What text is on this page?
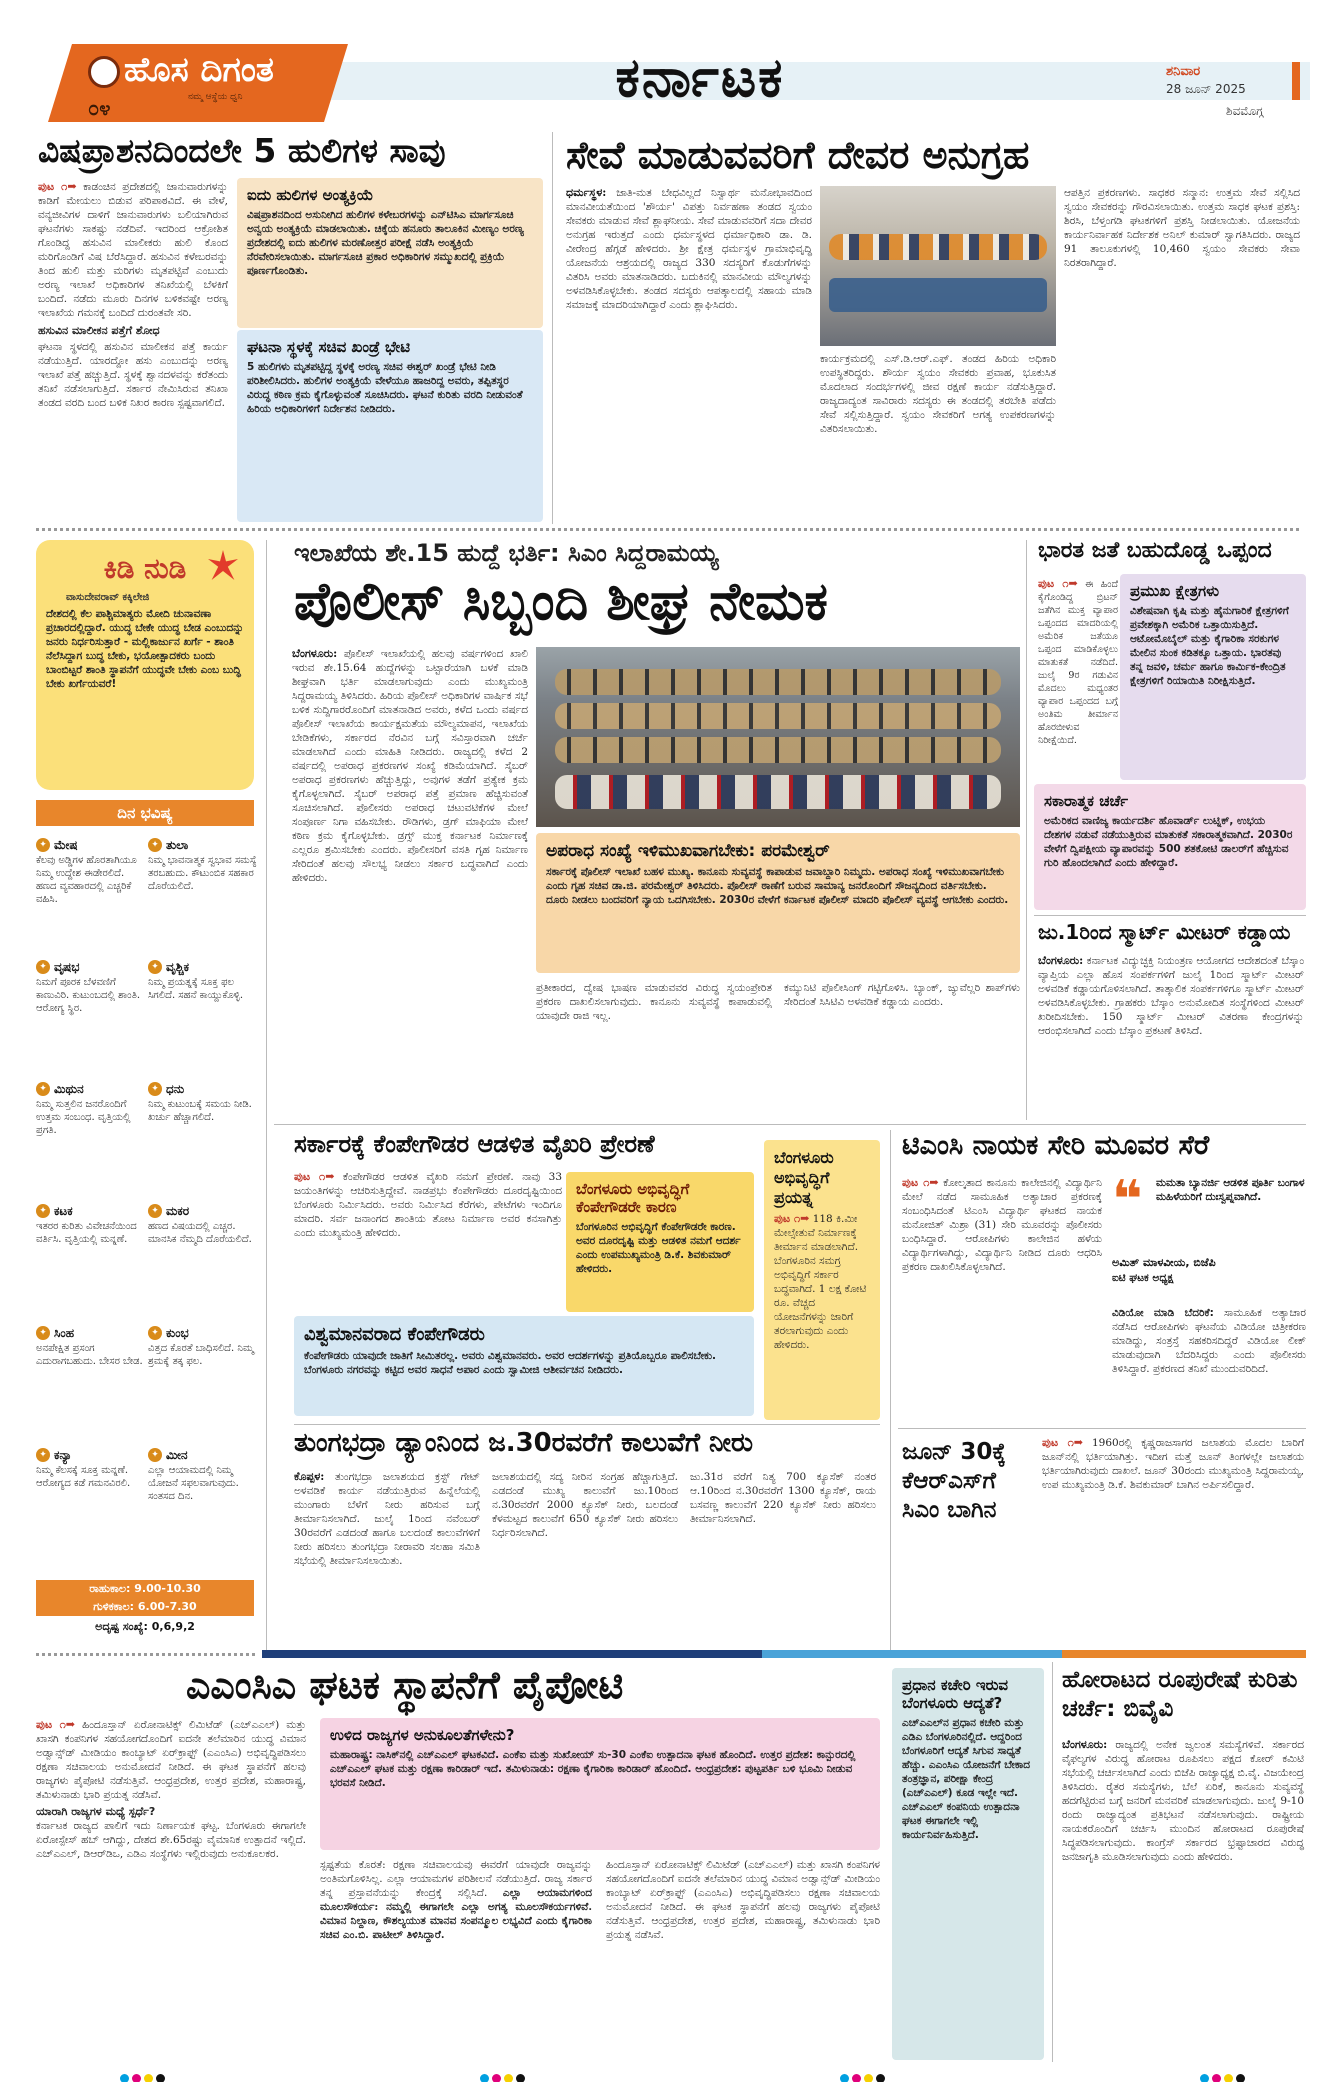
ಹೊಸ ದಿಗಂತ
ನಮ್ಮ ಆಸ್ಥೆಯ ಧ್ವನಿ
೦೪	ಕರ್ನಾಟಕ	ಶನಿವಾರ
28 ಜೂನ್ 2025
ಶಿವಮೊಗ್ಗ
ವಿಷಪ್ರಾಶನದಿಂದಲೇ 5 ಹುಲಿಗಳ ಸಾವು
ಪುಟ ೧➡ ಕಾಡಂಚಿನ ಪ್ರದೇಶದಲ್ಲಿ ಜಾನುವಾರುಗಳನ್ನು ಕಾಡಿಗೆ ಮೇಯಲು ಬಿಡುವ ಪರಿಪಾಠವಿದೆ. ಈ ವೇಳೆ, ವನ್ಯಜೀವಿಗಳ ದಾಳಿಗೆ ಜಾನುವಾರುಗಳು ಬಲಿಯಾಗಿರುವ ಘಟನೆಗಳು ಸಾಕಷ್ಟು ನಡೆದಿವೆ. ಇದರಿಂದ ಆಕ್ರೋಶಿತ ಗೊಂಡಿದ್ದ ಹಸುವಿನ ಮಾಲೀಕರು ಹುಲಿ ಕೊಂದ ಮರಿಗೊಂಡಿಗೆ ವಿಷ ಬೆರೆಸಿದ್ದಾರೆ. ಹಸುವಿನ ಕಳೇಬರವನ್ನು ತಿಂದ ಹುಲಿ ಮತ್ತು ಮರಿಗಳು ಮೃತಪಟ್ಟಿವೆ ಎಂಬುದು ಅರಣ್ಯ ಇಲಾಖೆ ಅಧಿಕಾರಿಗಳ ತನಿಖೆಯಲ್ಲಿ ಬೆಳಕಿಗೆ ಬಂದಿದೆ. ನಡೆದು ಮೂರು ದಿನಗಳ ಬಳಿಕವಷ್ಟೇ ಅರಣ್ಯ ಇಲಾಖೆಯ ಗಮನಕ್ಕೆ ಬಂದಿದೆ ದುರಂತವೇ ಸರಿ.
ಹಸುವಿನ ಮಾಲೀಕನ ಪತ್ತೆಗೆ ಶೋಧ
ಘಟನಾ ಸ್ಥಳದಲ್ಲಿ ಹಸುವಿನ ಮಾಲೀಕನ ಪತ್ತೆ ಕಾರ್ಯ ನಡೆಯುತ್ತಿದೆ. ಯಾರದ್ದೋ ಹಸು ಎಂಬುದನ್ನು ಅರಣ್ಯ ಇಲಾಖೆ ಪತ್ತೆ ಹಚ್ಚುತ್ತಿದೆ. ಸ್ಥಳಕ್ಕೆ ಶ್ವಾನದಳವನ್ನು ಕರೆತಂದು ತನಿಖೆ ನಡೆಸಲಾಗುತ್ತಿದೆ. ಸರ್ಕಾರ ನೇಮಿಸಿರುವ ತನಿಖಾ ತಂಡದ ವರದಿ ಬಂದ ಬಳಿಕ ನಿಖರ ಕಾರಣ ಸ್ಪಷ್ಟವಾಗಲಿದೆ.
ಐದು ಹುಲಿಗಳ ಅಂತ್ಯಕ್ರಿಯೆ

ವಿಷಪ್ರಾಶನದಿಂದ ಅಸುನೀಗಿದ ಹುಲಿಗಳ ಕಳೇಬರಗಳನ್ನು ಎನ್‌ಟಿಸಿಎ ಮಾರ್ಗಸೂಚಿ ಅನ್ವಯ ಅಂತ್ಯಕ್ರಿಯೆ ಮಾಡಲಾಯಿತು. ಚಿಕ್ಕೆಯ ಹನೂರು ತಾಲೂಕಿನ ಮೀಣ್ಯಂ ಅರಣ್ಯ ಪ್ರದೇಶದಲ್ಲಿ ಐದು ಹುಲಿಗಳ ಮರಣೋತ್ತರ ಪರೀಕ್ಷೆ ನಡೆಸಿ ಅಂತ್ಯಕ್ರಿಯೆ ನೆರವೇರಿಸಲಾಯಿತು. ಮಾರ್ಗಸೂಚಿ ಪ್ರಕಾರ ಅಧಿಕಾರಿಗಳ ಸಮ್ಮುಖದಲ್ಲಿ ಪ್ರಕ್ರಿಯೆ ಪೂರ್ಣಗೊಂಡಿತು.

ಘಟನಾ ಸ್ಥಳಕ್ಕೆ ಸಚಿವ ಖಂಡ್ರೆ ಭೇಟಿ

5 ಹುಲಿಗಳು ಮೃತಪಟ್ಟಿದ್ದ ಸ್ಥಳಕ್ಕೆ ಅರಣ್ಯ ಸಚಿವ ಈಶ್ವರ್ ಖಂಡ್ರೆ ಭೇಟಿ ನೀಡಿ ಪರಿಶೀಲಿಸಿದರು. ಹುಲಿಗಳ ಅಂತ್ಯಕ್ರಿಯೆ ವೇಳೆಯೂ ಹಾಜರಿದ್ದ ಅವರು, ತಪ್ಪಿತಸ್ಥರ ವಿರುದ್ಧ ಕಠಿಣ ಕ್ರಮ ಕೈಗೊಳ್ಳುವಂತೆ ಸೂಚಿಸಿದರು. ಘಟನೆ ಕುರಿತು ವರದಿ ನೀಡುವಂತೆ ಹಿರಿಯ ಅಧಿಕಾರಿಗಳಿಗೆ ನಿರ್ದೇಶನ ನೀಡಿದರು.

ಸೇವೆ ಮಾಡುವವರಿಗೆ ದೇವರ ಅನುಗ್ರಹ
ಧರ್ಮಸ್ಥಳ: ಜಾತಿ-ಮತ ಬೇಧವಿಲ್ಲದೆ ನಿಸ್ವಾರ್ಥ ಮನೋಭಾವದಿಂದ ಮಾನವೀಯತೆಯಿಂದ 'ಶೌರ್ಯ' ವಿಪತ್ತು ನಿರ್ವಹಣಾ ತಂಡದ ಸ್ವಯಂ ಸೇವಕರು ಮಾಡುವ ಸೇವೆ ಶ್ಲಾಘನೀಯ. ಸೇವೆ ಮಾಡುವವರಿಗೆ ಸದಾ ದೇವರ ಅನುಗ್ರಹ ಇರುತ್ತದೆ ಎಂದು ಧರ್ಮಸ್ಥಳದ ಧರ್ಮಾಧಿಕಾರಿ ಡಾ. ಡಿ. ವೀರೇಂದ್ರ ಹೆಗ್ಗಡೆ ಹೇಳಿದರು. ಶ್ರೀ ಕ್ಷೇತ್ರ ಧರ್ಮಸ್ಥಳ ಗ್ರಾಮಾಭಿವೃದ್ಧಿ ಯೋಜನೆಯ ಆಶ್ರಯದಲ್ಲಿ ರಾಜ್ಯದ 330 ಸದಸ್ಯರಿಗೆ ಕೊಡುಗೆಗಳನ್ನು ವಿತರಿಸಿ ಅವರು ಮಾತನಾಡಿದರು. ಬದುಕಿನಲ್ಲಿ ಮಾನವೀಯ ಮೌಲ್ಯಗಳನ್ನು ಅಳವಡಿಸಿಕೊಳ್ಳಬೇಕು. ತಂಡದ ಸದಸ್ಯರು ಆಪತ್ಕಾಲದಲ್ಲಿ ಸಹಾಯ ಮಾಡಿ ಸಮಾಜಕ್ಕೆ ಮಾದರಿಯಾಗಿದ್ದಾರೆ ಎಂದು ಶ್ಲಾಘಿಸಿದರು.
ಕಾರ್ಯಕ್ರಮದಲ್ಲಿ ಎಸ್.ಡಿ.ಆರ್.ಎಫ್. ತಂಡದ ಹಿರಿಯ ಅಧಿಕಾರಿ ಉಪಸ್ಥಿತರಿದ್ದರು. ಶೌರ್ಯ ಸ್ವಯಂ ಸೇವಕರು ಪ್ರವಾಹ, ಭೂಕುಸಿತ ಮೊದಲಾದ ಸಂದರ್ಭಗಳಲ್ಲಿ ಜೀವ ರಕ್ಷಣೆ ಕಾರ್ಯ ನಡೆಸುತ್ತಿದ್ದಾರೆ. ರಾಜ್ಯದಾದ್ಯಂತ ಸಾವಿರಾರು ಸದಸ್ಯರು ಈ ತಂಡದಲ್ಲಿ ತರಬೇತಿ ಪಡೆದು ಸೇವೆ ಸಲ್ಲಿಸುತ್ತಿದ್ದಾರೆ. ಸ್ವಯಂ ಸೇವಕರಿಗೆ ಅಗತ್ಯ ಉಪಕರಣಗಳನ್ನು ವಿತರಿಸಲಾಯಿತು.
ಆಪತ್ತಿನ ಪ್ರಕರಣಗಳು. ಸಾಧಕರ ಸನ್ಮಾನ: ಉತ್ತಮ ಸೇವೆ ಸಲ್ಲಿಸಿದ ಸ್ವಯಂ ಸೇವಕರನ್ನು ಗೌರವಿಸಲಾಯಿತು. ಉತ್ತಮ ಸಾಧಕ ಘಟಕ ಪ್ರಶಸ್ತಿ: ಶಿರಸಿ, ಬೆಳ್ತಂಗಡಿ ಘಟಕಗಳಿಗೆ ಪ್ರಶಸ್ತಿ ನೀಡಲಾಯಿತು. ಯೋಜನೆಯ ಕಾರ್ಯನಿರ್ವಾಹಕ ನಿರ್ದೇಶಕ ಅನಿಲ್ ಕುಮಾರ್ ಸ್ವಾಗತಿಸಿದರು. ರಾಜ್ಯದ 91 ತಾಲೂಕುಗಳಲ್ಲಿ 10,460 ಸ್ವಯಂ ಸೇವಕರು ಸೇವಾ ನಿರತರಾಗಿದ್ದಾರೆ.
ಕಿಡಿ ನುಡಿ
ವಾಸುದೇವರಾವ್ ಕಕ್ಕಿಲೇಜಿ

ದೇಶದಲ್ಲಿ ಕೆಲ ಪಾಶ್ಚಿಮಾತ್ಯರು ಮೋದಿ ಚುನಾವಣಾ ಪ್ರಚಾರದಲ್ಲಿದ್ದಾರೆ. ಯುದ್ಧ ಬೇಕೇ ಯುದ್ಧ ಬೇಡ ಎಂಬುದನ್ನು ಜನರು ನಿರ್ಧರಿಸುತ್ತಾರೆ - ಮಲ್ಲಿಕಾರ್ಜುನ ಖರ್ಗೆ - ಶಾಂತಿ ನೆಲೆಸಿದ್ದಾಗ ಬುದ್ಧ ಬೇಕು, ಭಯೋತ್ಪಾದಕರು ಬಂದು ಬಾಂಬಿಟ್ಟರೆ ಶಾಂತಿ ಸ್ಥಾಪನೆಗೆ ಯುದ್ಧವೇ ಬೇಕು ಎಂಬ ಬುದ್ಧಿ ಬೇಕು ಖರ್ಗೆಯವರೆ!

ದಿನ ಭವಿಷ್ಯ
✦ ಮೇಷ
ಕೆಲವು ಅಡ್ಡಿಗಳ ಹೊರತಾಗಿಯೂ ನಿಮ್ಮ ಉದ್ದೇಶ ಈಡೇರಲಿದೆ. ಹಣದ ವ್ಯವಹಾರದಲ್ಲಿ ಎಚ್ಚರಿಕೆ ವಹಿಸಿ.
✦ ತುಲಾ
ನಿಮ್ಮ ಭಾವನಾತ್ಮಕ ಸ್ವಭಾವ ಸಮಸ್ಯೆ ತರಬಹುದು. ಕೌಟುಂಬಿಕ ಸಹಕಾರ ದೊರೆಯಲಿದೆ.
✦ ವೃಷಭ
ನಿಮಗೆ ಪೂರಕ ಬೆಳವಣಿಗೆ ಕಾಣುವಿರಿ. ಕುಟುಂಬದಲ್ಲಿ ಶಾಂತಿ. ಆರೋಗ್ಯ ಸ್ಥಿರ.
✦ ವೃಶ್ಚಿಕ
ನಿಮ್ಮ ಪ್ರಯತ್ನಕ್ಕೆ ಸೂಕ್ತ ಫಲ ಸಿಗಲಿದೆ. ಸಹನೆ ಕಾಯ್ದುಕೊಳ್ಳಿ.
✦ ಮಿಥುನ
ನಿಮ್ಮ ಸುತ್ತಲಿನ ಜನರೊಂದಿಗೆ ಉತ್ತಮ ಸಂಬಂಧ. ವೃತ್ತಿಯಲ್ಲಿ ಪ್ರಗತಿ.
✦ ಧನು
ನಿಮ್ಮ ಕುಟುಂಬಕ್ಕೆ ಸಮಯ ನೀಡಿ. ಖರ್ಚು ಹೆಚ್ಚಾಗಲಿದೆ.
✦ ಕಟಕ
ಇತರರ ಕುರಿತು ವಿವೇಚನೆಯಿಂದ ವರ್ತಿಸಿ. ವೃತ್ತಿಯಲ್ಲಿ ಮನ್ನಣೆ.
✦ ಮಕರ
ಹಣದ ವಿಷಯದಲ್ಲಿ ಎಚ್ಚರ. ಮಾನಸಿಕ ನೆಮ್ಮದಿ ದೊರೆಯಲಿದೆ.
✦ ಸಿಂಹ
ಅನಪೇಕ್ಷಿತ ಪ್ರಸಂಗ ಎದುರಾಗಬಹುದು. ಬೇಸರ ಬೇಡ.
✦ ಕುಂಭ
ವಿತ್ತದ ಕೊರತೆ ಬಾಧಿಸಲಿದೆ. ನಿಮ್ಮ ಶ್ರಮಕ್ಕೆ ತಕ್ಕ ಫಲ.
✦ ಕನ್ಯಾ
ನಿಮ್ಮ ಕೆಲಸಕ್ಕೆ ಸೂಕ್ತ ಮನ್ನಣೆ. ಆರೋಗ್ಯದ ಕಡೆ ಗಮನವಿರಲಿ.
✦ ಮೀನ
ಎಲ್ಲಾ ಆಯಾಮದಲ್ಲಿ ನಿಮ್ಮ ಯೋಜನೆ ಸಫಲವಾಗುವುದು. ಸಂತಸದ ದಿನ.
ರಾಹುಕಾಲ: 9.00-10.30
ಗುಳಿಕಕಾಲ: 6.00-7.30
ಅದೃಷ್ಟ ಸಂಖ್ಯೆ: 0,6,9,2
ಇಲಾಖೆಯ ಶೇ.15 ಹುದ್ದೆ ಭರ್ತಿ: ಸಿಎಂ ಸಿದ್ದರಾಮಯ್ಯ
ಪೊಲೀಸ್ ಸಿಬ್ಬಂದಿ ಶೀಘ್ರ ನೇಮಕ
ಬೆಂಗಳೂರು: ಪೊಲೀಸ್ ಇಲಾಖೆಯಲ್ಲಿ ಹಲವು ವರ್ಷಗಳಿಂದ ಖಾಲಿ ಇರುವ ಶೇ.15.64 ಹುದ್ದೆಗಳನ್ನು ಒಟ್ಟಾರೆಯಾಗಿ ಬಳಕೆ ಮಾಡಿ ಶೀಘ್ರವಾಗಿ ಭರ್ತಿ ಮಾಡಲಾಗುವುದು ಎಂದು ಮುಖ್ಯಮಂತ್ರಿ ಸಿದ್ದರಾಮಯ್ಯ ತಿಳಿಸಿದರು. ಹಿರಿಯ ಪೊಲೀಸ್ ಅಧಿಕಾರಿಗಳ ವಾರ್ಷಿಕ ಸಭೆ ಬಳಿಕ ಸುದ್ದಿಗಾರರೊಂದಿಗೆ ಮಾತನಾಡಿದ ಅವರು, ಕಳೆದ ಒಂದು ವರ್ಷದ ಪೊಲೀಸ್ ಇಲಾಖೆಯ ಕಾರ್ಯಕ್ಷಮತೆಯ ಮೌಲ್ಯಮಾಪನ, ಇಲಾಖೆಯ ಬೇಡಿಕೆಗಳು, ಸರ್ಕಾರದ ನೆರವಿನ ಬಗ್ಗೆ ಸವಿಸ್ತಾರವಾಗಿ ಚರ್ಚೆ ಮಾಡಲಾಗಿದೆ ಎಂದು ಮಾಹಿತಿ ನೀಡಿದರು. ರಾಜ್ಯದಲ್ಲಿ ಕಳೆದ 2 ವರ್ಷದಲ್ಲಿ ಅಪರಾಧ ಪ್ರಕರಣಗಳ ಸಂಖ್ಯೆ ಕಡಿಮೆಯಾಗಿದೆ. ಸೈಬರ್ ಅಪರಾಧ ಪ್ರಕರಣಗಳು ಹೆಚ್ಚುತ್ತಿದ್ದು, ಅವುಗಳ ತಡೆಗೆ ಪ್ರತ್ಯೇಕ ಕ್ರಮ ಕೈಗೊಳ್ಳಲಾಗಿದೆ. ಸೈಬರ್ ಅಪರಾಧ ಪತ್ತೆ ಪ್ರಮಾಣ ಹೆಚ್ಚಿಸುವಂತೆ ಸೂಚಿಸಲಾಗಿದೆ. ಪೊಲೀಸರು ಅಪರಾಧ ಚಟುವಟಿಕೆಗಳ ಮೇಲೆ ಸಂಪೂರ್ಣ ನಿಗಾ ವಹಿಸಬೇಕು. ರೌಡಿಗಳು, ಡ್ರಗ್ ಮಾಫಿಯಾ ಮೇಲೆ ಕಠಿಣ ಕ್ರಮ ಕೈಗೊಳ್ಳಬೇಕು. ಡ್ರಗ್ಸ್ ಮುಕ್ತ ಕರ್ನಾಟಕ ನಿರ್ಮಾಣಕ್ಕೆ ಎಲ್ಲರೂ ಶ್ರಮಿಸಬೇಕು ಎಂದರು. ಪೊಲೀಸರಿಗೆ ವಸತಿ ಗೃಹ ನಿರ್ಮಾಣ ಸೇರಿದಂತೆ ಹಲವು ಸೌಲಭ್ಯ ನೀಡಲು ಸರ್ಕಾರ ಬದ್ಧವಾಗಿದೆ ಎಂದು ಹೇಳಿದರು.
ಅಪರಾಧ ಸಂಖ್ಯೆ ಇಳಿಮುಖವಾಗಬೇಕು: ಪರಮೇಶ್ವರ್

ಸರ್ಕಾರಕ್ಕೆ ಪೊಲೀಸ್ ಇಲಾಖೆ ಬಹಳ ಮುಖ್ಯ. ಕಾನೂನು ಸುವ್ಯವಸ್ಥೆ ಕಾಪಾಡುವ ಜವಾಬ್ದಾರಿ ನಿಮ್ಮದು. ಅಪರಾಧ ಸಂಖ್ಯೆ ಇಳಿಮುಖವಾಗಬೇಕು ಎಂದು ಗೃಹ ಸಚಿವ ಡಾ.ಜಿ. ಪರಮೇಶ್ವರ್ ತಿಳಿಸಿದರು. ಪೊಲೀಸ್ ಠಾಣೆಗೆ ಬರುವ ಸಾಮಾನ್ಯ ಜನರೊಂದಿಗೆ ಸೌಜನ್ಯದಿಂದ ವರ್ತಿಸಬೇಕು. ದೂರು ನೀಡಲು ಬಂದವರಿಗೆ ನ್ಯಾಯ ಒದಗಿಸಬೇಕು. 2030ರ ವೇಳೆಗೆ ಕರ್ನಾಟಕ ಪೊಲೀಸ್ ಮಾದರಿ ಪೊಲೀಸ್ ವ್ಯವಸ್ಥೆ ಆಗಬೇಕು ಎಂದರು.

ಪ್ರತೀಕಾರದ, ದ್ವೇಷ ಭಾಷಣ ಮಾಡುವವರ ವಿರುದ್ಧ ಸ್ವಯಂಪ್ರೇರಿತ ಪ್ರಕರಣ ದಾಖಲಿಸಲಾಗುವುದು. ಕಾನೂನು ಸುವ್ಯವಸ್ಥೆ ಕಾಪಾಡುವಲ್ಲಿ ಯಾವುದೇ ರಾಜಿ ಇಲ್ಲ.
ಕಮ್ಯುನಿಟಿ ಪೊಲೀಸಿಂಗ್ ಗಟ್ಟಿಗೊಳಿಸಿ. ಬ್ಯಾಂಕ್, ಜ್ಯುವೆಲ್ಲರಿ ಶಾಪ್‌ಗಳು ಸೇರಿದಂತೆ ಸಿಸಿಟಿವಿ ಅಳವಡಿಕೆ ಕಡ್ಡಾಯ ಎಂದರು.
ಭಾರತ ಜತೆ ಬಹುದೊಡ್ಡ ಒಪ್ಪಂದ
ಪುಟ ೧➡ ಈ ಹಿಂದೆ ಕೈಗೊಂಡಿದ್ದ ಬ್ರಿಟನ್ ಜತೆಗಿನ ಮುಕ್ತ ವ್ಯಾಪಾರ ಒಪ್ಪಂದದ ಮಾದರಿಯಲ್ಲಿ ಅಮೆರಿಕ ಜತೆಯೂ ಒಪ್ಪಂದ ಮಾಡಿಕೊಳ್ಳಲು ಮಾತುಕತೆ ನಡೆದಿದೆ. ಜುಲೈ 9ರ ಗಡುವಿನ ಮೊದಲು ಮಧ್ಯಂತರ ವ್ಯಾಪಾರ ಒಪ್ಪಂದದ ಬಗ್ಗೆ ಅಂತಿಮ ತೀರ್ಮಾನ ಹೊರಬೀಳುವ ನಿರೀಕ್ಷೆಯಿದೆ.
ಪ್ರಮುಖ ಕ್ಷೇತ್ರಗಳು

ವಿಶೇಷವಾಗಿ ಕೃಷಿ ಮತ್ತು ಹೈನುಗಾರಿಕೆ ಕ್ಷೇತ್ರಗಳಿಗೆ ಪ್ರವೇಶಕ್ಕಾಗಿ ಅಮೆರಿಕ ಒತ್ತಾಯಿಸುತ್ತಿದೆ. ಆಟೋಮೊಬೈಲ್ ಮತ್ತು ಕೈಗಾರಿಕಾ ಸರಕುಗಳ ಮೇಲಿನ ಸುಂಕ ಕಡಿತಕ್ಕೂ ಒತ್ತಾಯ. ಭಾರತವು ತನ್ನ ಜವಳಿ, ಚರ್ಮ ಹಾಗೂ ಕಾರ್ಮಿಕ-ಕೇಂದ್ರಿತ ಕ್ಷೇತ್ರಗಳಿಗೆ ರಿಯಾಯಿತಿ ನಿರೀಕ್ಷಿಸುತ್ತಿದೆ.

ಸಕಾರಾತ್ಮಕ ಚರ್ಚೆ

ಅಮೆರಿಕದ ವಾಣಿಜ್ಯ ಕಾರ್ಯದರ್ಶಿ ಹೊವಾರ್ಡ್ ಲುಟ್ನಿಕ್, ಉಭಯ ದೇಶಗಳ ನಡುವೆ ನಡೆಯುತ್ತಿರುವ ಮಾತುಕತೆ ಸಕಾರಾತ್ಮಕವಾಗಿದೆ. 2030ರ ವೇಳೆಗೆ ದ್ವಿಪಕ್ಷೀಯ ವ್ಯಾಪಾರವನ್ನು 500 ಶತಕೋಟಿ ಡಾಲರ್‌ಗೆ ಹೆಚ್ಚಿಸುವ ಗುರಿ ಹೊಂದಲಾಗಿದೆ ಎಂದು ಹೇಳಿದ್ದಾರೆ.

ಜು.1ರಿಂದ ಸ್ಮಾರ್ಟ್ ಮೀಟರ್ ಕಡ್ಡಾಯ
ಬೆಂಗಳೂರು: ಕರ್ನಾಟಕ ವಿದ್ಯುಚ್ಛಕ್ತಿ ನಿಯಂತ್ರಣ ಆಯೋಗದ ಆದೇಶದಂತೆ ಬೆಸ್ಕಾಂ ವ್ಯಾಪ್ತಿಯ ಎಲ್ಲಾ ಹೊಸ ಸಂಪರ್ಕಗಳಿಗೆ ಜುಲೈ 1ರಿಂದ ಸ್ಮಾರ್ಟ್ ಮೀಟರ್ ಅಳವಡಿಕೆ ಕಡ್ಡಾಯಗೊಳಿಸಲಾಗಿದೆ. ತಾತ್ಕಾಲಿಕ ಸಂಪರ್ಕಗಳಿಗೂ ಸ್ಮಾರ್ಟ್ ಮೀಟರ್ ಅಳವಡಿಸಿಕೊಳ್ಳಬೇಕು. ಗ್ರಾಹಕರು ಬೆಸ್ಕಾಂ ಅನುಮೋದಿತ ಸಂಸ್ಥೆಗಳಿಂದ ಮೀಟರ್ ಖರೀದಿಸಬೇಕು. 150 ಸ್ಮಾರ್ಟ್ ಮೀಟರ್ ವಿತರಣಾ ಕೇಂದ್ರಗಳನ್ನು ಆರಂಭಿಸಲಾಗಿದೆ ಎಂದು ಬೆಸ್ಕಾಂ ಪ್ರಕಟಣೆ ತಿಳಿಸಿದೆ.
ಸರ್ಕಾರಕ್ಕೆ ಕೆಂಪೇಗೌಡರ ಆಡಳಿತ ವೈಖರಿ ಪ್ರೇರಣೆ
ಪುಟ ೧➡ ಕೆಂಪೇಗೌಡರ ಆಡಳಿತ ವೈಖರಿ ನಮಗೆ ಪ್ರೇರಣೆ. ನಾವು 33 ಜಯಂತಿಗಳನ್ನು ಆಚರಿಸುತ್ತಿದ್ದೇವೆ. ನಾಡಪ್ರಭು ಕೆಂಪೇಗೌಡರು ದೂರದೃಷ್ಟಿಯಿಂದ ಬೆಂಗಳೂರು ನಿರ್ಮಿಸಿದರು. ಅವರು ನಿರ್ಮಿಸಿದ ಕೆರೆಗಳು, ಪೇಟೆಗಳು ಇಂದಿಗೂ ಮಾದರಿ. ಸರ್ವ ಜನಾಂಗದ ಶಾಂತಿಯ ತೋಟ ನಿರ್ಮಾಣ ಅವರ ಕನಸಾಗಿತ್ತು ಎಂದು ಮುಖ್ಯಮಂತ್ರಿ ಹೇಳಿದರು.
ಬೆಂಗಳೂರು ಅಭಿವೃದ್ಧಿಗೆ ಕೆಂಪೇಗೌಡರೇ ಕಾರಣ

ಬೆಂಗಳೂರಿನ ಅಭಿವೃದ್ಧಿಗೆ ಕೆಂಪೇಗೌಡರೇ ಕಾರಣ. ಅವರ ದೂರದೃಷ್ಟಿ ಮತ್ತು ಆಡಳಿತ ನಮಗೆ ಆದರ್ಶ ಎಂದು ಉಪಮುಖ್ಯಮಂತ್ರಿ ಡಿ.ಕೆ. ಶಿವಕುಮಾರ್ ಹೇಳಿದರು.

ವಿಶ್ವಮಾನವರಾದ ಕೆಂಪೇಗೌಡರು

ಕೆಂಪೇಗೌಡರು ಯಾವುದೇ ಜಾತಿಗೆ ಸೀಮಿತರಲ್ಲ. ಅವರು ವಿಶ್ವಮಾನವರು. ಅವರ ಆದರ್ಶಗಳನ್ನು ಪ್ರತಿಯೊಬ್ಬರೂ ಪಾಲಿಸಬೇಕು. ಬೆಂಗಳೂರು ನಗರವನ್ನು ಕಟ್ಟಿದ ಅವರ ಸಾಧನೆ ಅಪಾರ ಎಂದು ಸ್ವಾಮೀಜಿ ಆಶೀರ್ವಚನ ನೀಡಿದರು.

ಬೆಂಗಳೂರು ಅಭಿವೃದ್ಧಿಗೆ ಪ್ರಯತ್ನ

ಪುಟ ೧➡ 118 ಕಿ.ಮೀ ಮೇಲ್ಸೇತುವೆ ನಿರ್ಮಾಣಕ್ಕೆ ತೀರ್ಮಾನ ಮಾಡಲಾಗಿದೆ. ಬೆಂಗಳೂರಿನ ಸಮಗ್ರ ಅಭಿವೃದ್ಧಿಗೆ ಸರ್ಕಾರ ಬದ್ಧವಾಗಿದೆ. 1 ಲಕ್ಷ ಕೋಟಿ ರೂ. ವೆಚ್ಚದ ಯೋಜನೆಗಳನ್ನು ಜಾರಿಗೆ ತರಲಾಗುವುದು ಎಂದು ಹೇಳಿದರು.

ಟಿಎಂಸಿ ನಾಯಕ ಸೇರಿ ಮೂವರ ಸೆರೆ
ಪುಟ ೧➡ ಕೋಲ್ಕತಾದ ಕಾನೂನು ಕಾಲೇಜಿನಲ್ಲಿ ವಿದ್ಯಾರ್ಥಿನಿ ಮೇಲೆ ನಡೆದ ಸಾಮೂಹಿಕ ಅತ್ಯಾಚಾರ ಪ್ರಕರಣಕ್ಕೆ ಸಂಬಂಧಿಸಿದಂತೆ ಟಿಎಂಸಿ ವಿದ್ಯಾರ್ಥಿ ಘಟಕದ ನಾಯಕ ಮನೋಜಿತ್ ಮಿಶ್ರಾ (31) ಸೇರಿ ಮೂವರನ್ನು ಪೊಲೀಸರು ಬಂಧಿಸಿದ್ದಾರೆ. ಆರೋಪಿಗಳು ಕಾಲೇಜಿನ ಹಳೆಯ ವಿದ್ಯಾರ್ಥಿಗಳಾಗಿದ್ದು, ವಿದ್ಯಾರ್ಥಿನಿ ನೀಡಿದ ದೂರು ಆಧರಿಸಿ ಪ್ರಕರಣ ದಾಖಲಿಸಿಕೊಳ್ಳಲಾಗಿದೆ.
❝	ಮಮತಾ ಬ್ಯಾನರ್ಜಿ ಆಡಳಿತ ಪೂರ್ತಿ ಬಂಗಾಳ ಮಹಿಳೆಯರಿಗೆ ದುಃಸ್ವಪ್ನವಾಗಿದೆ.
ಅಮಿತ್ ಮಾಳವೀಯ, ಬಿಜೆಪಿ
ಐಟಿ ಘಟಕ ಅಧ್ಯಕ್ಷ
ವಿಡಿಯೋ ಮಾಡಿ ಬೆದರಿಕೆ: ಸಾಮೂಹಿಕ ಅತ್ಯಾಚಾರ ನಡೆಸಿದ ಆರೋಪಿಗಳು ಘಟನೆಯ ವಿಡಿಯೋ ಚಿತ್ರೀಕರಣ ಮಾಡಿದ್ದು, ಸಂತ್ರಸ್ತೆ ಸಹಕರಿಸದಿದ್ದರೆ ವಿಡಿಯೋ ಲೀಕ್ ಮಾಡುವುದಾಗಿ ಬೆದರಿಸಿದ್ದರು ಎಂದು ಪೊಲೀಸರು ತಿಳಿಸಿದ್ದಾರೆ. ಪ್ರಕರಣದ ತನಿಖೆ ಮುಂದುವರಿದಿದೆ.
ತುಂಗಭದ್ರಾ ಡ್ಯಾಂನಿಂದ ಜ.30ರವರೆಗೆ ಕಾಲುವೆಗೆ ನೀರು
ಕೊಪ್ಪಳ: ತುಂಗಭದ್ರಾ ಜಲಾಶಯದ ಕ್ರಸ್ಟ್ ಗೇಟ್ ಅಳವಡಿಕೆ ಕಾರ್ಯ ನಡೆಯುತ್ತಿರುವ ಹಿನ್ನೆಲೆಯಲ್ಲಿ ಮುಂಗಾರು ಬೆಳೆಗೆ ನೀರು ಹರಿಸುವ ಬಗ್ಗೆ ತೀರ್ಮಾನಿಸಲಾಗಿದೆ. ಜುಲೈ 1ರಿಂದ ನವೆಂಬರ್ 30ರವರೆಗೆ ಎಡದಂಡೆ ಹಾಗೂ ಬಲದಂಡೆ ಕಾಲುವೆಗಳಿಗೆ ನೀರು ಹರಿಸಲು ತುಂಗಭದ್ರಾ ನೀರಾವರಿ ಸಲಹಾ ಸಮಿತಿ ಸಭೆಯಲ್ಲಿ ತೀರ್ಮಾನಿಸಲಾಯಿತು.
ಜಲಾಶಯದಲ್ಲಿ ಸದ್ಯ ನೀರಿನ ಸಂಗ್ರಹ ಹೆಚ್ಚಾಗುತ್ತಿದೆ. ಎಡದಂಡೆ ಮುಖ್ಯ ಕಾಲುವೆಗೆ ಜು.10ರಿಂದ ನ.30ರವರೆಗೆ 2000 ಕ್ಯೂಸೆಕ್ ನೀರು, ಬಲದಂಡೆ ಕೆಳಮಟ್ಟದ ಕಾಲುವೆಗೆ 650 ಕ್ಯೂಸೆಕ್ ನೀರು ಹರಿಸಲು ನಿರ್ಧರಿಸಲಾಗಿದೆ.
ಜು.31ರ ವರೆಗೆ ನಿತ್ಯ 700 ಕ್ಯೂಸೆಕ್ ನಂತರ ಆ.10ರಿಂದ ನ.30ರವರೆಗೆ 1300 ಕ್ಯೂಸೆಕ್, ರಾಯ ಬಸವಣ್ಣ ಕಾಲುವೆಗೆ 220 ಕ್ಯೂಸೆಕ್ ನೀರು ಹರಿಸಲು ತೀರ್ಮಾನಿಸಲಾಗಿದೆ.
ಜೂನ್ 30ಕ್ಕೆ ಕೆಆರ್‌ಎಸ್‌ಗೆ ಸಿಎಂ ಬಾಗಿನ
ಪುಟ ೧➡ 1960ರಲ್ಲಿ ಕೃಷ್ಣರಾಜಸಾಗರ ಜಲಾಶಯ ಮೊದಲ ಬಾರಿಗೆ ಜೂನ್‌ನಲ್ಲಿ ಭರ್ತಿಯಾಗಿತ್ತು. ಇದೀಗ ಮತ್ತೆ ಜೂನ್ ತಿಂಗಳಲ್ಲೇ ಜಲಾಶಯ ಭರ್ತಿಯಾಗಿರುವುದು ದಾಖಲೆ. ಜೂನ್ 30ರಂದು ಮುಖ್ಯಮಂತ್ರಿ ಸಿದ್ದರಾಮಯ್ಯ, ಉಪ ಮುಖ್ಯಮಂತ್ರಿ ಡಿ.ಕೆ. ಶಿವಕುಮಾರ್ ಬಾಗಿನ ಅರ್ಪಿಸಲಿದ್ದಾರೆ.
ಎಎಂಸಿಎ ಘಟಕ ಸ್ಥಾಪನೆಗೆ ಪೈಪೋಟಿ
ಪುಟ ೧➡ ಹಿಂದೂಸ್ತಾನ್ ಏರೋನಾಟಿಕ್ಸ್ ಲಿಮಿಟೆಡ್ (ಎಚ್‌ಎಎಲ್) ಮತ್ತು ಖಾಸಗಿ ಕಂಪನಿಗಳ ಸಹಯೋಗದೊಂದಿಗೆ ಐದನೇ ತಲೆಮಾರಿನ ಯುದ್ಧ ವಿಮಾನ ಅಡ್ವಾನ್ಸ್‌ಡ್ ಮೀಡಿಯಂ ಕಾಂಬ್ಯಾಟ್ ಏರ್‌ಕ್ರಾಫ್ಟ್ (ಎಎಂಸಿಎ) ಅಭಿವೃದ್ಧಿಪಡಿಸಲು ರಕ್ಷಣಾ ಸಚಿವಾಲಯ ಅನುಮೋದನೆ ನೀಡಿದೆ. ಈ ಘಟಕ ಸ್ಥಾಪನೆಗೆ ಹಲವು ರಾಜ್ಯಗಳು ಪೈಪೋಟಿ ನಡೆಸುತ್ತಿವೆ. ಆಂಧ್ರಪ್ರದೇಶ, ಉತ್ತರ ಪ್ರದೇಶ, ಮಹಾರಾಷ್ಟ್ರ, ತಮಿಳುನಾಡು ಭಾರಿ ಪ್ರಯತ್ನ ನಡೆಸಿವೆ.
ಯಾರಾಗಿ ರಾಜ್ಯಗಳ ಮಧ್ಯೆ ಸ್ಪರ್ಧೆ?
ಕರ್ನಾಟಕ ರಾಜ್ಯದ ಪಾಲಿಗೆ ಇದು ನಿರ್ಣಾಯಕ ಘಟ್ಟ. ಬೆಂಗಳೂರು ಈಗಾಗಲೇ ಏರೋಸ್ಪೇಸ್ ಹಬ್ ಆಗಿದ್ದು, ದೇಶದ ಶೇ.65ರಷ್ಟು ವೈಮಾನಿಕ ಉತ್ಪಾದನೆ ಇಲ್ಲಿದೆ. ಎಚ್‌ಎಎಲ್, ಡಿಆರ್‌ಡಿಒ, ಎಡಿಎ ಸಂಸ್ಥೆಗಳು ಇಲ್ಲಿರುವುದು ಅನುಕೂಲಕರ.
ಉಳಿದ ರಾಜ್ಯಗಳ ಅನುಕೂಲತೆಗಳೇನು?

ಮಹಾರಾಷ್ಟ್ರ: ನಾಸಿಕ್‌ನಲ್ಲಿ ಎಚ್‌ಎಎಲ್ ಘಟಕವಿದೆ. ಎಂಕೆಐ ಮತ್ತು ಸುಖೋಯ್ ಸು-30 ಎಂಕೆಐ ಉತ್ಪಾದನಾ ಘಟಕ ಹೊಂದಿದೆ. ಉತ್ತರ ಪ್ರದೇಶ: ಕಾನ್ಪುರದಲ್ಲಿ ಎಚ್‌ಎಎಲ್ ಘಟಕ ಮತ್ತು ರಕ್ಷಣಾ ಕಾರಿಡಾರ್ ಇದೆ. ತಮಿಳುನಾಡು: ರಕ್ಷಣಾ ಕೈಗಾರಿಕಾ ಕಾರಿಡಾರ್ ಹೊಂದಿದೆ. ಆಂಧ್ರಪ್ರದೇಶ: ಪುಟ್ಟಪರ್ತಿ ಬಳಿ ಭೂಮಿ ನೀಡುವ ಭರವಸೆ ನೀಡಿದೆ.

ಸ್ಪಷ್ಟತೆಯ ಕೊರತೆ: ರಕ್ಷಣಾ ಸಚಿವಾಲಯವು ಈವರೆಗೆ ಯಾವುದೇ ರಾಜ್ಯವನ್ನು ಅಂತಿಮಗೊಳಿಸಿಲ್ಲ. ಎಲ್ಲಾ ಆಯಾಮಗಳ ಪರಿಶೀಲನೆ ನಡೆಯುತ್ತಿದೆ. ರಾಜ್ಯ ಸರ್ಕಾರ ತನ್ನ ಪ್ರಸ್ತಾವನೆಯನ್ನು ಕೇಂದ್ರಕ್ಕೆ ಸಲ್ಲಿಸಿದೆ. ಎಲ್ಲಾ ಆಯಾಮಗಳಿಂದ ಮೂಲಸೌಕರ್ಯ: ನಮ್ಮಲ್ಲಿ ಈಗಾಗಲೇ ಎಲ್ಲಾ ಅಗತ್ಯ ಮೂಲಸೌಕರ್ಯಗಳಿವೆ. ವಿಮಾನ ನಿಲ್ದಾಣ, ಕೌಶಲ್ಯಯುತ ಮಾನವ ಸಂಪನ್ಮೂಲ ಲಭ್ಯವಿದೆ ಎಂದು ಕೈಗಾರಿಕಾ ಸಚಿವ ಎಂ.ಬಿ. ಪಾಟೀಲ್ ತಿಳಿಸಿದ್ದಾರೆ.
ಹಿಂದೂಸ್ತಾನ್ ಏರೋನಾಟಿಕ್ಸ್ ಲಿಮಿಟೆಡ್ (ಎಚ್‌ಎಎಲ್) ಮತ್ತು ಖಾಸಗಿ ಕಂಪನಿಗಳ ಸಹಯೋಗದೊಂದಿಗೆ ಐದನೇ ತಲೆಮಾರಿನ ಯುದ್ಧ ವಿಮಾನ ಅಡ್ವಾನ್ಸ್‌ಡ್ ಮೀಡಿಯಂ ಕಾಂಬ್ಯಾಟ್ ಏರ್‌ಕ್ರಾಫ್ಟ್ (ಎಎಂಸಿಎ) ಅಭಿವೃದ್ಧಿಪಡಿಸಲು ರಕ್ಷಣಾ ಸಚಿವಾಲಯ ಅನುಮೋದನೆ ನೀಡಿದೆ. ಈ ಘಟಕ ಸ್ಥಾಪನೆಗೆ ಹಲವು ರಾಜ್ಯಗಳು ಪೈಪೋಟಿ ನಡೆಸುತ್ತಿವೆ. ಆಂಧ್ರಪ್ರದೇಶ, ಉತ್ತರ ಪ್ರದೇಶ, ಮಹಾರಾಷ್ಟ್ರ, ತಮಿಳುನಾಡು ಭಾರಿ ಪ್ರಯತ್ನ ನಡೆಸಿವೆ.
ಪ್ರಧಾನ ಕಚೇರಿ ಇರುವ ಬೆಂಗಳೂರು ಆದ್ಯತೆ?

ಎಚ್‌ಎಎಲ್‌ನ ಪ್ರಧಾನ ಕಚೇರಿ ಮತ್ತು ಎಡಿಎ ಬೆಂಗಳೂರಿನಲ್ಲಿದೆ. ಆದ್ದರಿಂದ ಬೆಂಗಳೂರಿಗೆ ಆದ್ಯತೆ ಸಿಗುವ ಸಾಧ್ಯತೆ ಹೆಚ್ಚು. ಎಎಂಸಿಎ ಯೋಜನೆಗೆ ಬೇಕಾದ ತಂತ್ರಜ್ಞಾನ, ಪರೀಕ್ಷಾ ಕೇಂದ್ರ (ಎಚ್‌ಎಎಲ್) ಕೂಡ ಇಲ್ಲೇ ಇದೆ. ಎಚ್‌ಎಎಲ್ ಕಂಪನಿಯ ಉತ್ಪಾದನಾ ಘಟಕ ಈಗಾಗಲೇ ಇಲ್ಲಿ ಕಾರ್ಯನಿರ್ವಹಿಸುತ್ತಿದೆ.

ಹೋರಾಟದ ರೂಪುರೇಷೆ ಕುರಿತು ಚರ್ಚೆ: ಬಿವೈವಿ
ಬೆಂಗಳೂರು: ರಾಜ್ಯದಲ್ಲಿ ಅನೇಕ ಜ್ವಲಂತ ಸಮಸ್ಯೆಗಳಿವೆ. ಸರ್ಕಾರದ ವೈಫಲ್ಯಗಳ ವಿರುದ್ಧ ಹೋರಾಟ ರೂಪಿಸಲು ಪಕ್ಷದ ಕೋರ್ ಕಮಿಟಿ ಸಭೆಯಲ್ಲಿ ಚರ್ಚಿಸಲಾಗಿದೆ ಎಂದು ಬಿಜೆಪಿ ರಾಜ್ಯಾಧ್ಯಕ್ಷ ಬಿ.ವೈ. ವಿಜಯೇಂದ್ರ ತಿಳಿಸಿದರು. ರೈತರ ಸಮಸ್ಯೆಗಳು, ಬೆಲೆ ಏರಿಕೆ, ಕಾನೂನು ಸುವ್ಯವಸ್ಥೆ ಹದಗೆಟ್ಟಿರುವ ಬಗ್ಗೆ ಜನರಿಗೆ ಮನವರಿಕೆ ಮಾಡಲಾಗುವುದು. ಜುಲೈ 9-10 ರಂದು ರಾಜ್ಯಾದ್ಯಂತ ಪ್ರತಿಭಟನೆ ನಡೆಸಲಾಗುವುದು. ರಾಷ್ಟ್ರೀಯ ನಾಯಕರೊಂದಿಗೆ ಚರ್ಚಿಸಿ ಮುಂದಿನ ಹೋರಾಟದ ರೂಪುರೇಷೆ ಸಿದ್ಧಪಡಿಸಲಾಗುವುದು. ಕಾಂಗ್ರೆಸ್ ಸರ್ಕಾರದ ಭ್ರಷ್ಟಾಚಾರದ ವಿರುದ್ಧ ಜನಜಾಗೃತಿ ಮೂಡಿಸಲಾಗುವುದು ಎಂದು ಹೇಳಿದರು.
